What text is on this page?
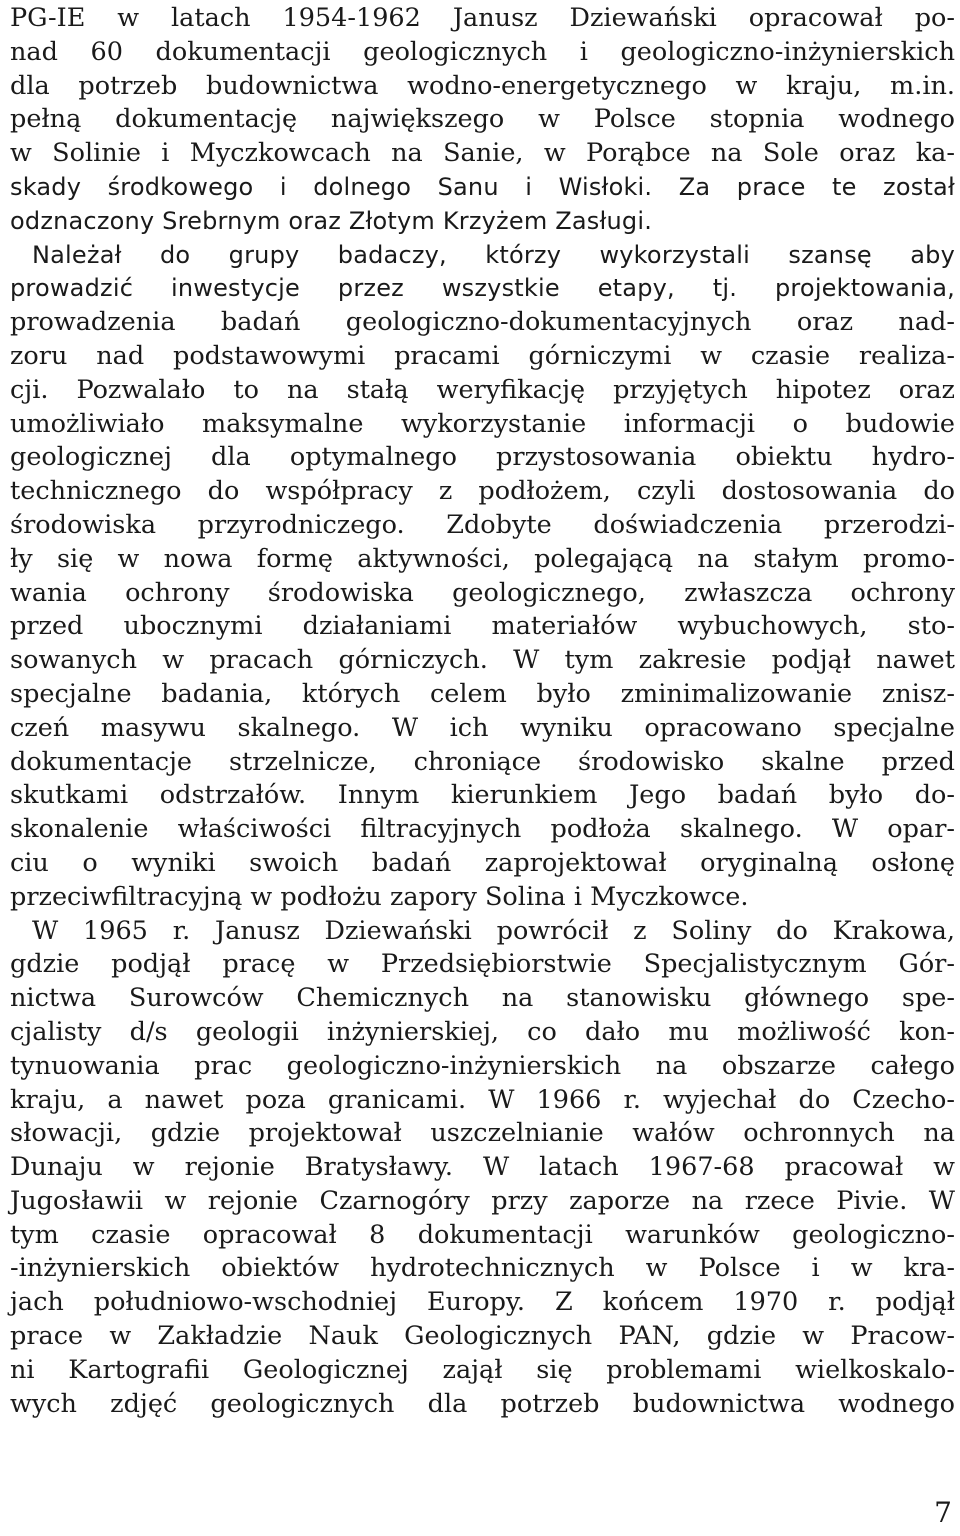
PG-IE w latach 1954-1962 Janusz Dziewański opracował po-
nad 60 dokumentacji geologicznych i geologiczno-inżynierskich
dla potrzeb budownictwa wodno-energetycznego w kraju, m.in.
pełną dokumentację największego w Polsce stopnia wodnego
w Solinie i Myczkowcach na Sanie, w Porąbce na Sole oraz ka-
skady środkowego i dolnego Sanu i Wisłoki. Za prace te został
odznaczony Srebrnym oraz Złotym Krzyżem Zasługi.
Należał do grupy badaczy, którzy wykorzystali szansę aby
prowadzić inwestycje przez wszystkie etapy, tj. projektowania,
prowadzenia badań geologiczno-dokumentacyjnych oraz nad-
zoru nad podstawowymi pracami górniczymi w czasie realiza-
cji. Pozwalało to na stałą weryfikację przyjętych hipotez oraz
umożliwiało maksymalne wykorzystanie informacji o budowie
geologicznej dla optymalnego przystosowania obiektu hydro-
technicznego do współpracy z podłożem, czyli dostosowania do
środowiska przyrodniczego. Zdobyte doświadczenia przerodzi-
ły się w nowa formę aktywności, polegającą na stałym promo-
wania ochrony środowiska geologicznego, zwłaszcza ochrony
przed ubocznymi działaniami materiałów wybuchowych, sto-
sowanych w pracach górniczych. W tym zakresie podjął nawet
specjalne badania, których celem było zminimalizowanie znisz-
czeń masywu skalnego. W ich wyniku opracowano specjalne
dokumentacje strzelnicze, chroniące środowisko skalne przed
skutkami odstrzałów. Innym kierunkiem Jego badań było do-
skonalenie właściwości filtracyjnych podłoża skalnego. W opar-
ciu o wyniki swoich badań zaprojektował oryginalną osłonę
przeciwfiltracyjną w podłożu zapory Solina i Myczkowce.
W 1965 r. Janusz Dziewański powrócił z Soliny do Krakowa,
gdzie podjął pracę w Przedsiębiorstwie Specjalistycznym Gór-
nictwa Surowców Chemicznych na stanowisku głównego spe-
cjalisty d/s geologii inżynierskiej, co dało mu możliwość kon-
tynuowania prac geologiczno-inżynierskich na obszarze całego
kraju, a nawet poza granicami. W 1966 r. wyjechał do Czecho-
słowacji, gdzie projektował uszczelnianie wałów ochronnych na
Dunaju w rejonie Bratysławy. W latach 1967-68 pracował w
Jugosławii w rejonie Czarnogóry przy zaporze na rzece Pivie. W
tym czasie opracował 8 dokumentacji warunków geologiczno-
-inżynierskich obiektów hydrotechnicznych w Polsce i w kra-
jach południowo-wschodniej Europy. Z końcem 1970 r. podjął
prace w Zakładzie Nauk Geologicznych PAN, gdzie w Pracow-
ni Kartografii Geologicznej zajął się problemami wielkoskalo-
wych zdjęć geologicznych dla potrzeb budownictwa wodnego
7
